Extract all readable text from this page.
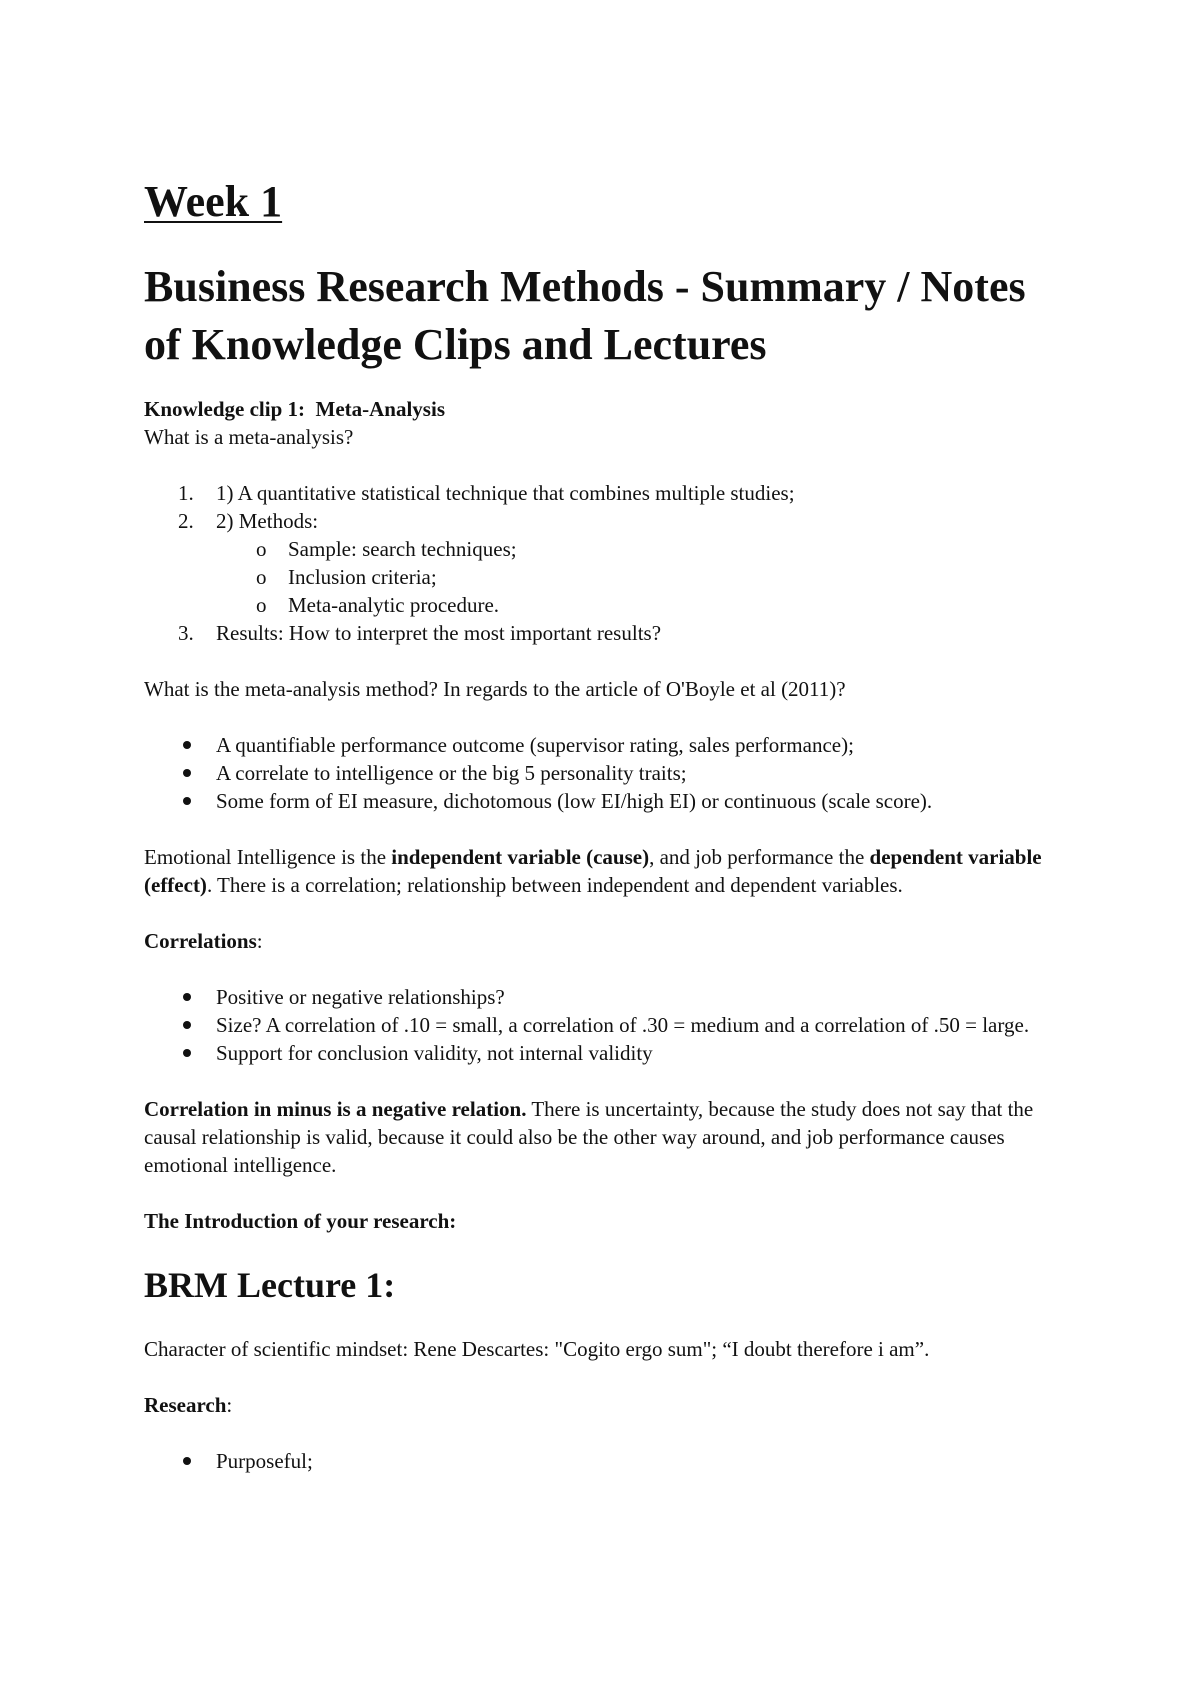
Week 1
Business Research Methods - Summary / Notes of Knowledge Clips and Lectures

Knowledge clip 1: Meta-Analysis

What is a meta-analysis?

1. 1) A quantitative statistical technique that combines multiple studies;
2. 2) Methods:
o Sample: search techniques;
o Inclusion criteria;
o Meta-analytic procedure.
3. Results: How to interpret the most important results?

What is the meta-analysis method? In regards to the article of O'Boyle et al (2011)?

A quantifiable performance outcome (supervisor rating, sales performance);
A correlate to intelligence or the big 5 personality traits;
Some form of EI measure, dichotomous (low EI/high EI) or continuous (scale score).

Emotional Intelligence is the independent variable (cause), and job performance the dependent variable (effect). There is a correlation; relationship between independent and dependent variables.

Correlations:

Positive or negative relationships?
Size? A correlation of .10 = small, a correlation of .30 = medium and a correlation of .50 = large.
Support for conclusion validity, not internal validity

Correlation in minus is a negative relation. There is uncertainty, because the study does not say that the causal relationship is valid, because it could also be the other way around, and job performance causes emotional intelligence.

The Introduction of your research:

BRM Lecture 1:

Character of scientific mindset: Rene Descartes: "Cogito ergo sum"; “I doubt therefore i am”.

Research:

Purposeful;
